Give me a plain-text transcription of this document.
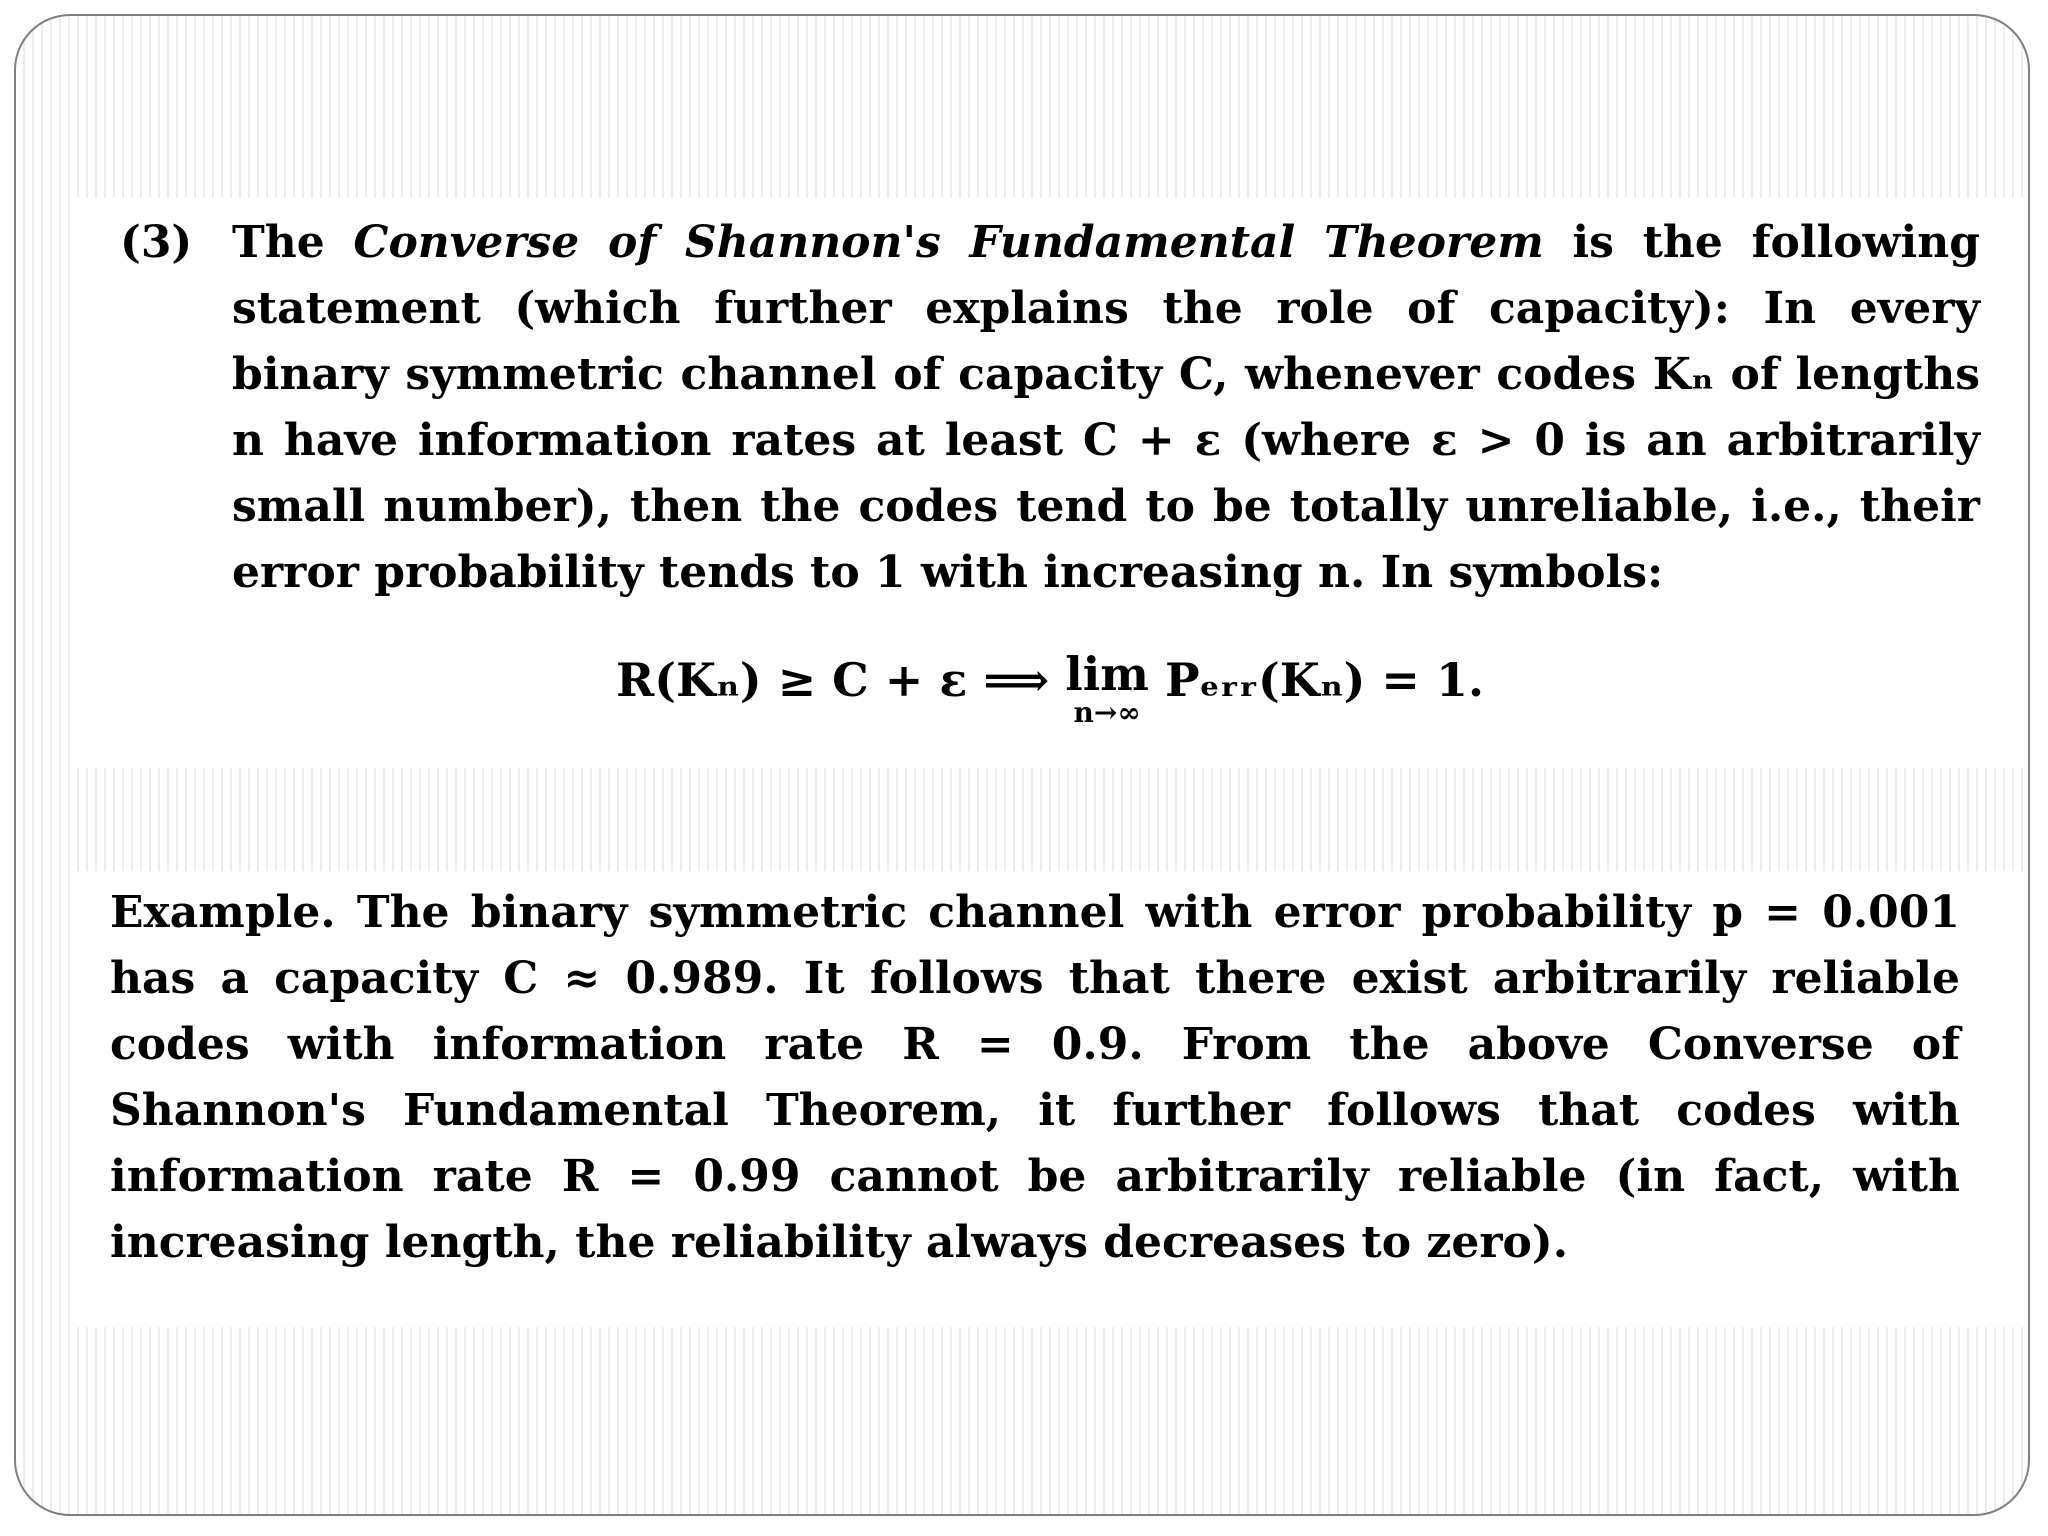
(3) The Converse of Shannon's Fundamental Theorem is the following statement (which further explains the role of capacity): In every binary symmetric channel of capacity C, whenever codes Kₙ of lengths n have information rates at least C + ε (where ε > 0 is an arbitrarily small number), then the codes tend to be totally unreliable, i.e., their error probability tends to 1 with increasing n. In symbols:

R(Kₙ) ≥ C + ε ⟹ lim
n→∞
Pₑᵣᵣ(Kₙ) = 1.

Example. The binary symmetric channel with error probability p = 0.001 has a capacity C ≈ 0.989. It follows that there exist arbitrarily reliable codes with information rate R = 0.9. From the above Converse of Shannon's Fundamental Theorem, it further follows that codes with information rate R = 0.99 cannot be arbitrarily reliable (in fact, with increasing length, the reliability always decreases to zero).
